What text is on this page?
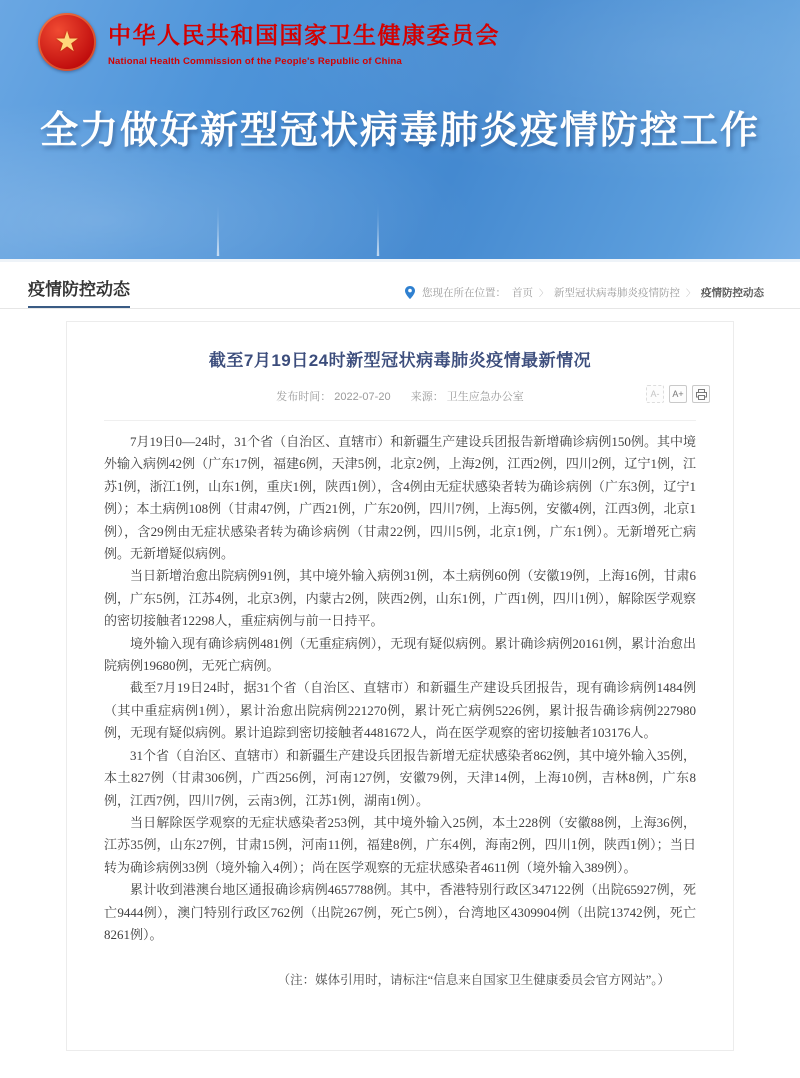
★ 中华人民共和国国家卫生健康委员会
National Health Commission of the People's Republic of China
全力做好新型冠状病毒肺炎疫情防控工作
疫情防控动态	您现在所在位置： 首页 〉 新型冠状病毒肺炎疫情防控 〉 疫情防控动态
截至7月19日24时新型冠状病毒肺炎疫情最新情况
发布时间： 2022-07-20 来源： 卫生应急办公室	A-	A+

7月19日0—24时，31个省（自治区、直辖市）和新疆生产建设兵团报告新增确诊病例150例。其中境外输入病例42例（广东17例，福建6例，天津5例，北京2例，上海2例，江西2例，四川2例，辽宁1例，江苏1例，浙江1例，山东1例，重庆1例，陕西1例），含4例由无症状感染者转为确诊病例（广东3例，辽宁1例）；本土病例108例（甘肃47例，广西21例，广东20例，四川7例，上海5例，安徽4例，江西3例，北京1例），含29例由无症状感染者转为确诊病例（甘肃22例，四川5例，北京1例，广东1例）。无新增死亡病例。无新增疑似病例。

当日新增治愈出院病例91例，其中境外输入病例31例，本土病例60例（安徽19例，上海16例，甘肃6例，广东5例，江苏4例，北京3例，内蒙古2例，陕西2例，山东1例，广西1例，四川1例），解除医学观察的密切接触者12298人，重症病例与前一日持平。

境外输入现有确诊病例481例（无重症病例），无现有疑似病例。累计确诊病例20161例，累计治愈出院病例19680例，无死亡病例。

截至7月19日24时，据31个省（自治区、直辖市）和新疆生产建设兵团报告，现有确诊病例1484例（其中重症病例1例），累计治愈出院病例221270例，累计死亡病例5226例，累计报告确诊病例227980例，无现有疑似病例。累计追踪到密切接触者4481672人，尚在医学观察的密切接触者103176人。

31个省（自治区、直辖市）和新疆生产建设兵团报告新增无症状感染者862例，其中境外输入35例，本土827例（甘肃306例，广西256例，河南127例，安徽79例，天津14例，上海10例，吉林8例，广东8例，江西7例，四川7例，云南3例，江苏1例，湖南1例）。

当日解除医学观察的无症状感染者253例，其中境外输入25例，本土228例（安徽88例，上海36例，江苏35例，山东27例，甘肃15例，河南11例，福建8例，广东4例，海南2例，四川1例，陕西1例）；当日转为确诊病例33例（境外输入4例）；尚在医学观察的无症状感染者4611例（境外输入389例）。

累计收到港澳台地区通报确诊病例4657788例。其中，香港特别行政区347122例（出院65927例，死亡9444例），澳门特别行政区762例（出院267例，死亡5例），台湾地区4309904例（出院13742例，死亡8261例）。

（注：媒体引用时，请标注“信息来自国家卫生健康委员会官方网站”。）
